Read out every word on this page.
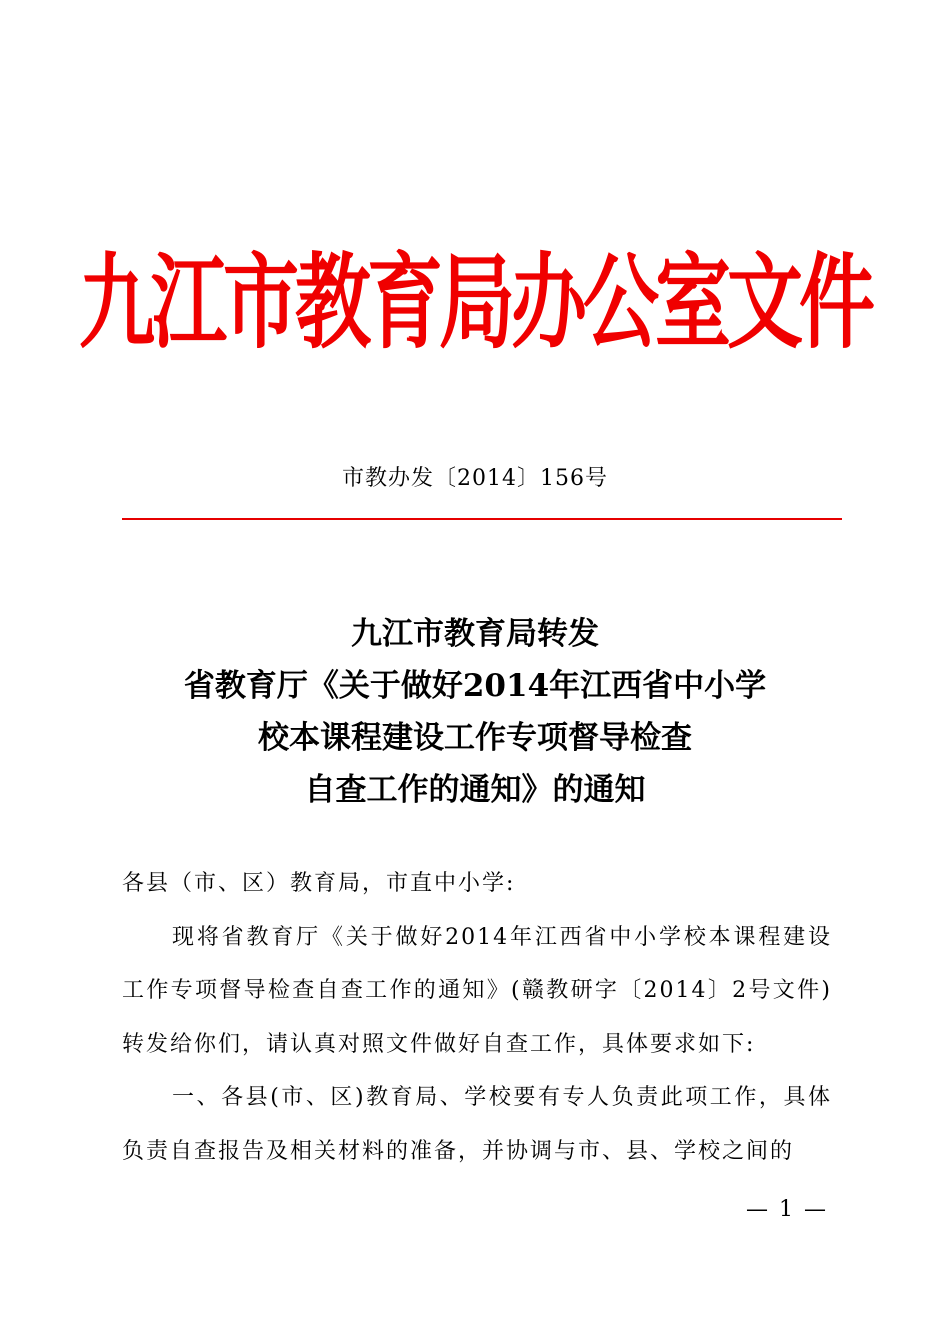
九江市教育局办公室文件
市教办发〔2014〕156号
九江市教育局转发
省教育厅《关于做好2014年江西省中小学
校本课程建设工作专项督导检查
自查工作的通知》的通知

各县（市、区）教育局，市直中小学:

现将省教育厅《关于做好2014年江西省中小学校本课程建设工作专项督导检查自查工作的通知》(赣教研字〔2014〕2号文件)转发给你们，请认真对照文件做好自查工作，具体要求如下:

一、各县(市、区)教育局、学校要有专人负责此项工作，具体负责自查报告及相关材料的准备，并协调与市、县、学校之间的

— 1 —
